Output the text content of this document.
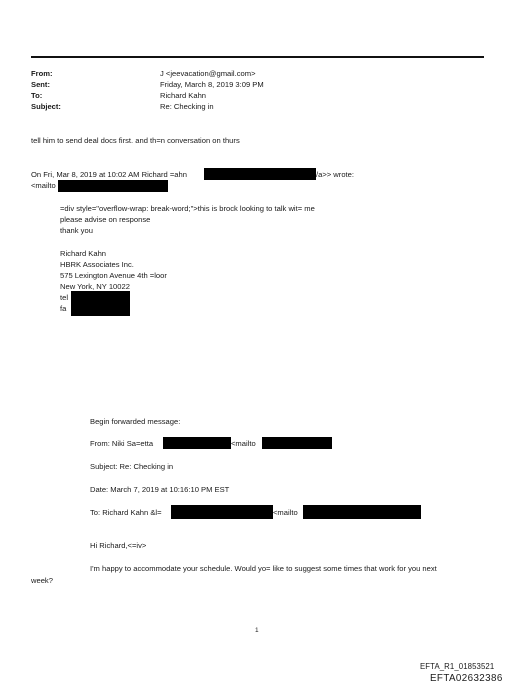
From:	J <jeevacation@gmail.com>
Sent:	Friday, March 8, 2019 3:09 PM
To:	Richard Kahn
Subject:	Re: Checking in
tell him to send deal docs first. and th=n conversation on thurs
On Fri, Mar 8, 2019 at 10:02 AM Richard =ahn	/a>> wrote:
<mailto
=div style="overflow-wrap: break-word;">this is brock looking to talk wit= me
please advise on response
thank you
Richard Kahn
HBRK Associates Inc.
575 Lexington Avenue 4th =loor
New York, NY 10022
tel
fa
Begin forwarded message:
From: Niki Sa=etta	<mailto
Subject: Re: Checking in
Date: March 7, 2019 at 10:16:10 PM EST
To: Richard Kahn &l=	<mailto
Hi Richard,<=iv>
I'm happy to accommodate your schedule. Would yo= like to suggest some times that work for you next
week?
1
EFTA_R1_01853521
EFTA02632386
